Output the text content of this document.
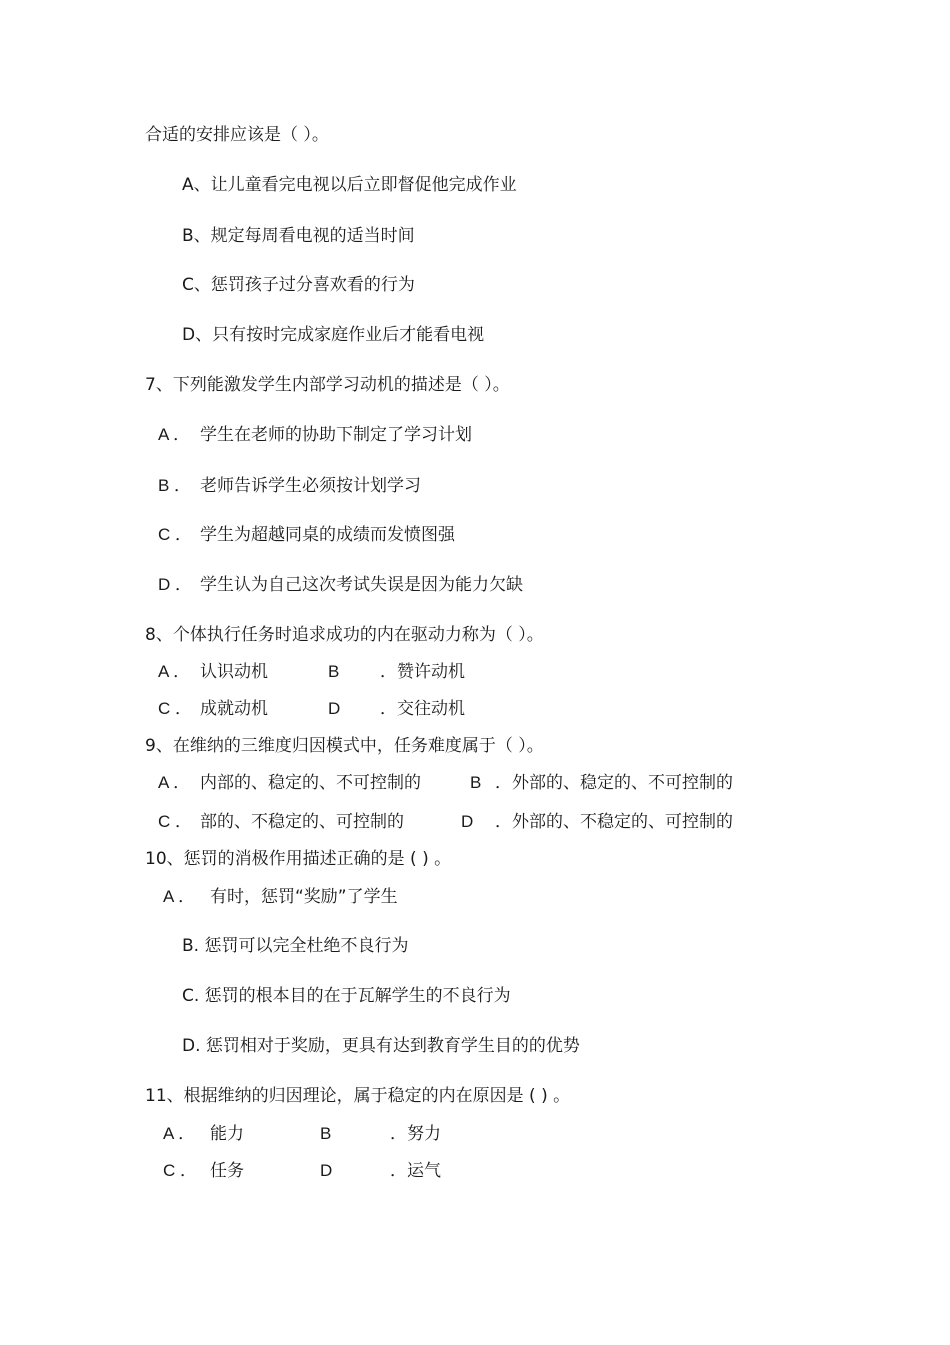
合适的安排应该是（ ）。
A、让儿童看完电视以后立即督促他完成作业
B、规定每周看电视的适当时间
C、惩罚孩子过分喜欢看的行为
D、只有按时完成家庭作业后才能看电视
7、下列能激发学生内部学习动机的描述是（ ）。
A ． 学生在老师的协助下制定了学习计划
B ． 老师告诉学生必须按计划学习
C ． 学生为超越同桌的成绩而发愤图强
D ． 学生认为自己这次考试失误是因为能力欠缺
8、个体执行任务时追求成功的内在驱动力称为（ ）。
A ． 认识动机	B ．赞许动机
C ． 成就动机	D ．交往动机
9、在维纳的三维度归因模式中，任务难度属于（ ）。
A ． 内部的、稳定的、不可控制的	B ．外部的、稳定的、不可控制的
C ． 部的、不稳定的、可控制的	D ．外部的、不稳定的、可控制的
10、惩罚的消极作用描述正确的是 ( ) 。
A ． 有时，惩罚“奖励”了学生
B. 惩罚可以完全杜绝不良行为
C. 惩罚的根本目的在于瓦解学生的不良行为
D. 惩罚相对于奖励，更具有达到教育学生目的的优势
11、根据维纳的归因理论，属于稳定的内在原因是 ( ) 。
A ． 能力	B	．努力
C ． 任务	D	．运气
